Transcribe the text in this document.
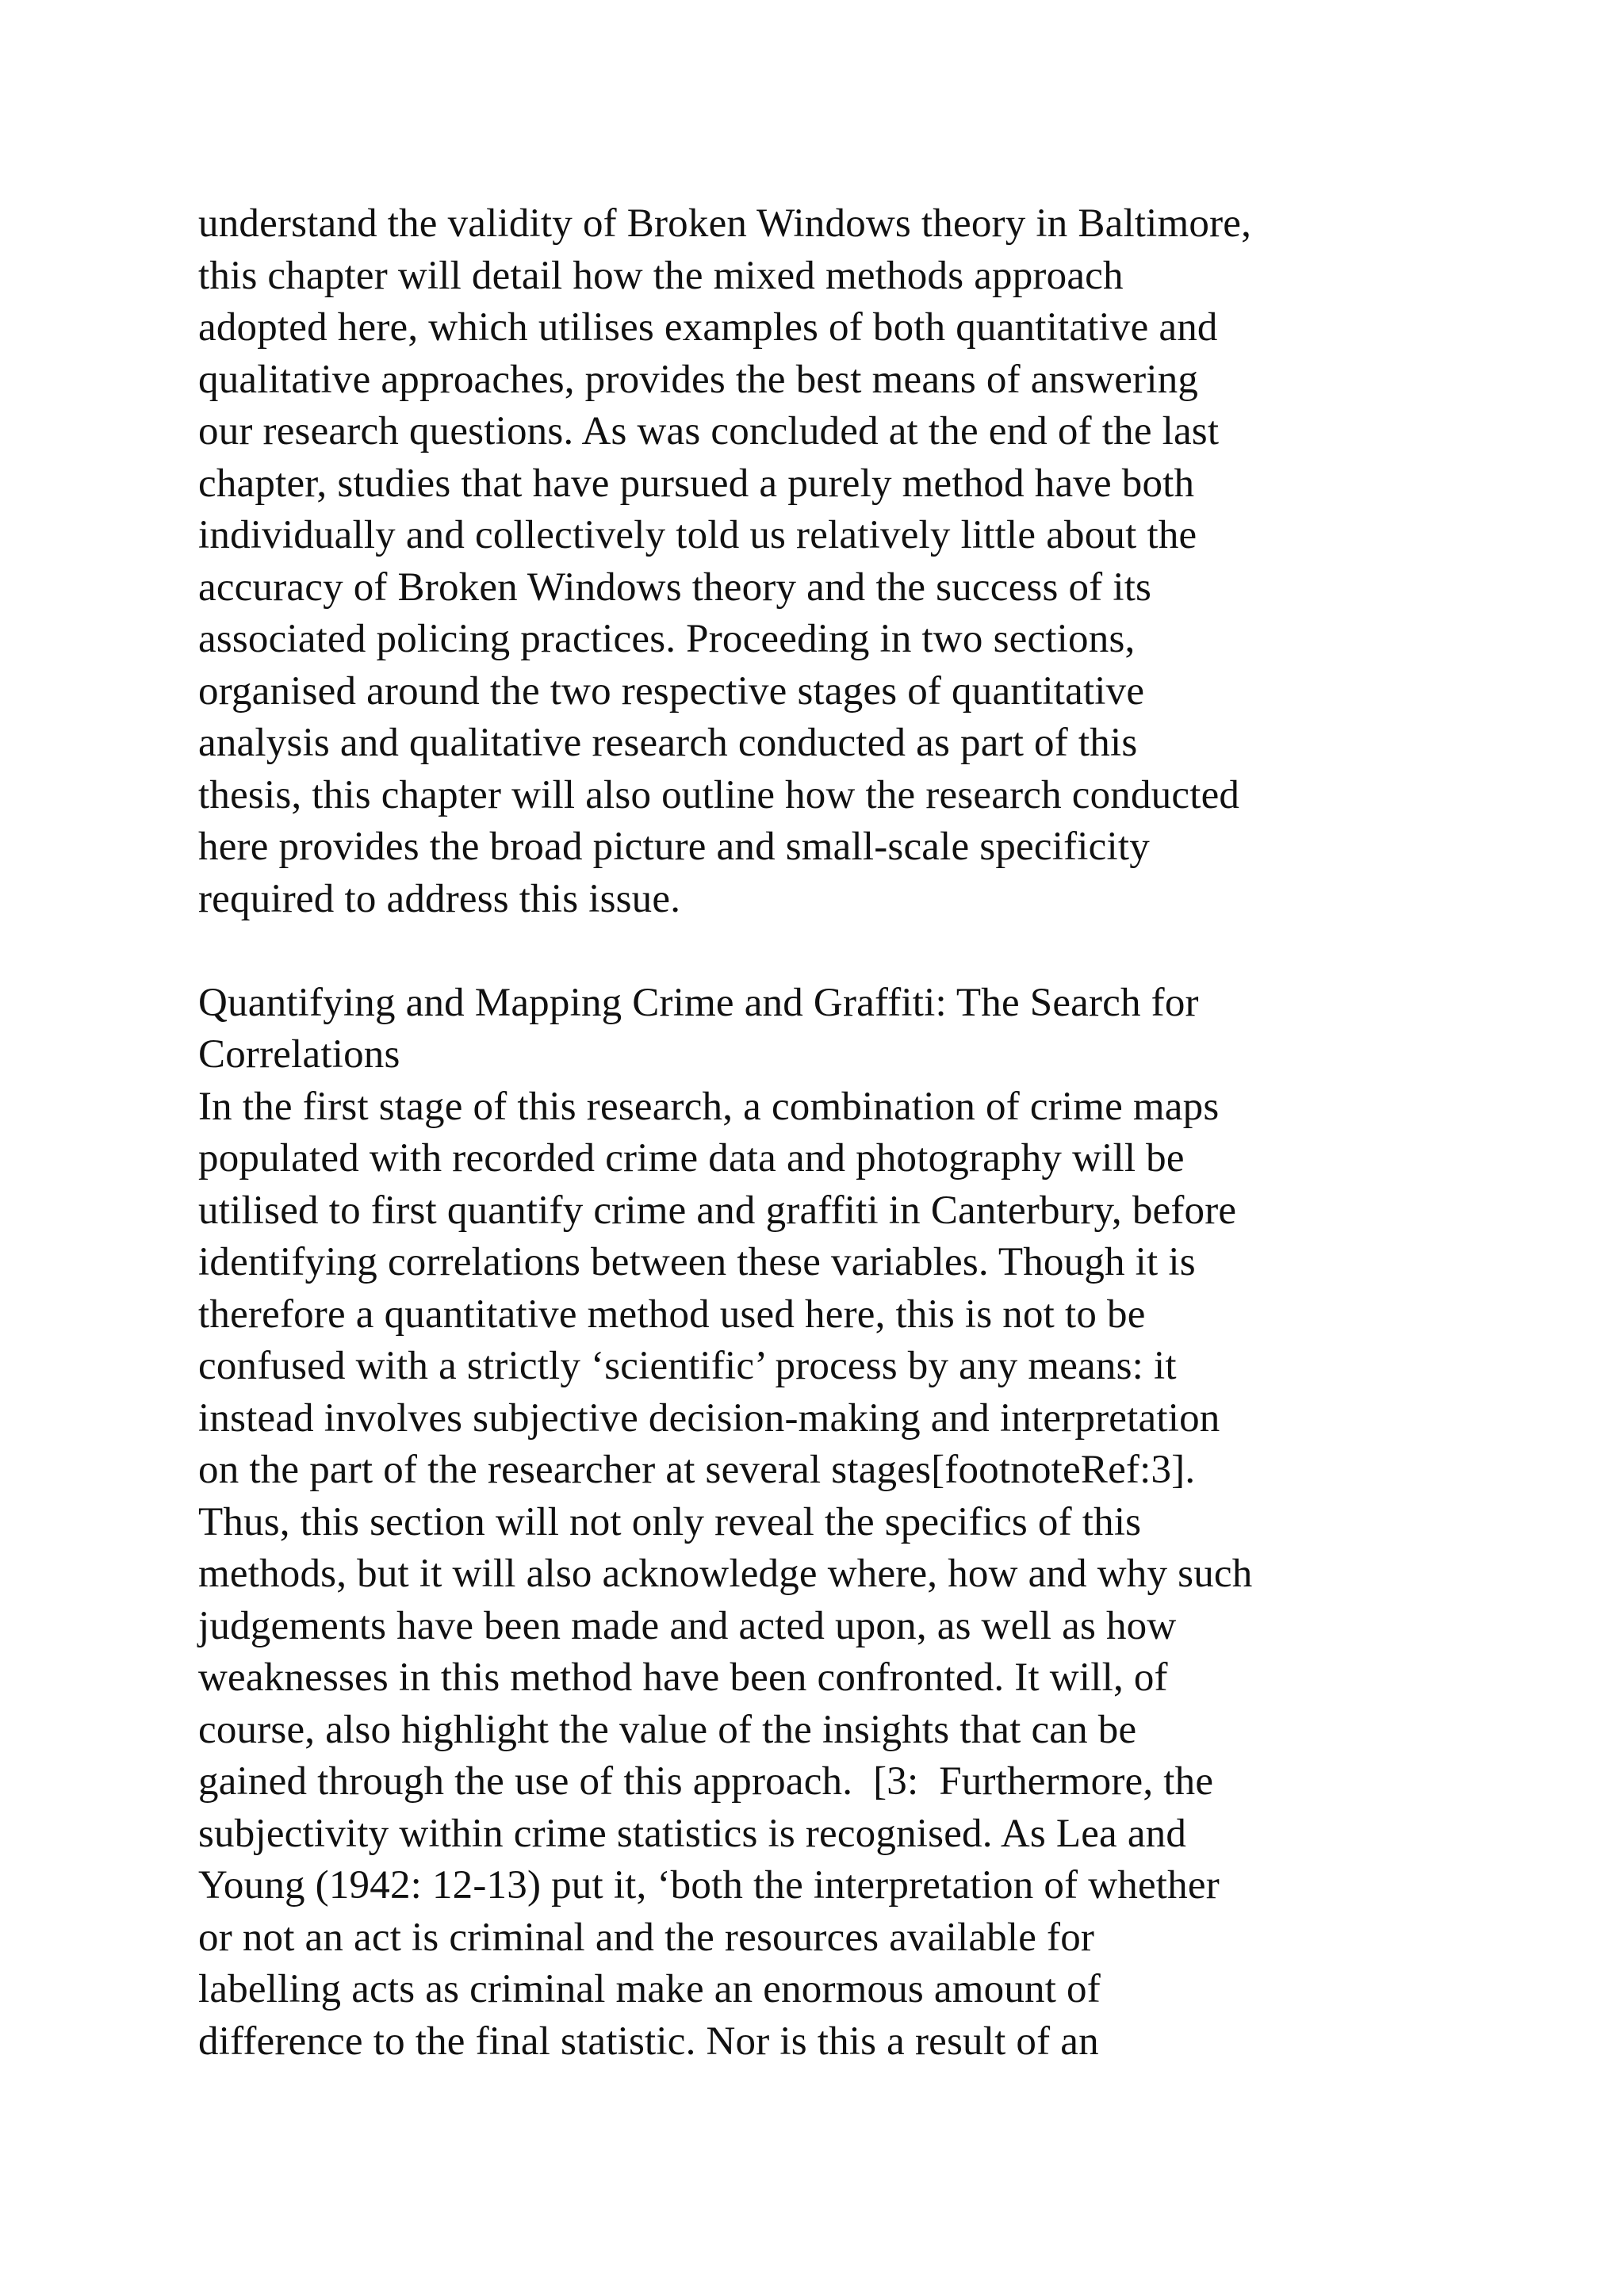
understand the validity of Broken Windows theory in Baltimore,
this chapter will detail how the mixed methods approach
adopted here, which utilises examples of both quantitative and
qualitative approaches, provides the best means of answering
our research questions. As was concluded at the end of the last
chapter, studies that have pursued a purely method have both
individually and collectively told us relatively little about the
accuracy of Broken Windows theory and the success of its
associated policing practices. Proceeding in two sections,
organised around the two respective stages of quantitative
analysis and qualitative research conducted as part of this
thesis, this chapter will also outline how the research conducted
here provides the broad picture and small-scale specificity
required to address this issue.
Quantifying and Mapping Crime and Graffiti: The Search for
Correlations
In the first stage of this research, a combination of crime maps
populated with recorded crime data and photography will be
utilised to first quantify crime and graffiti in Canterbury, before
identifying correlations between these variables. Though it is
therefore a quantitative method used here, this is not to be
confused with a strictly ‘scientific’ process by any means: it
instead involves subjective decision-making and interpretation
on the part of the researcher at several stages[footnoteRef:3].
Thus, this section will not only reveal the specifics of this
methods, but it will also acknowledge where, how and why such
judgements have been made and acted upon, as well as how
weaknesses in this method have been confronted. It will, of
course, also highlight the value of the insights that can be
gained through the use of this approach.  [3:  Furthermore, the
subjectivity within crime statistics is recognised. As Lea and
Young (1942: 12-13) put it, ‘both the interpretation of whether
or not an act is criminal and the resources available for
labelling acts as criminal make an enormous amount of
difference to the final statistic. Nor is this a result of an
